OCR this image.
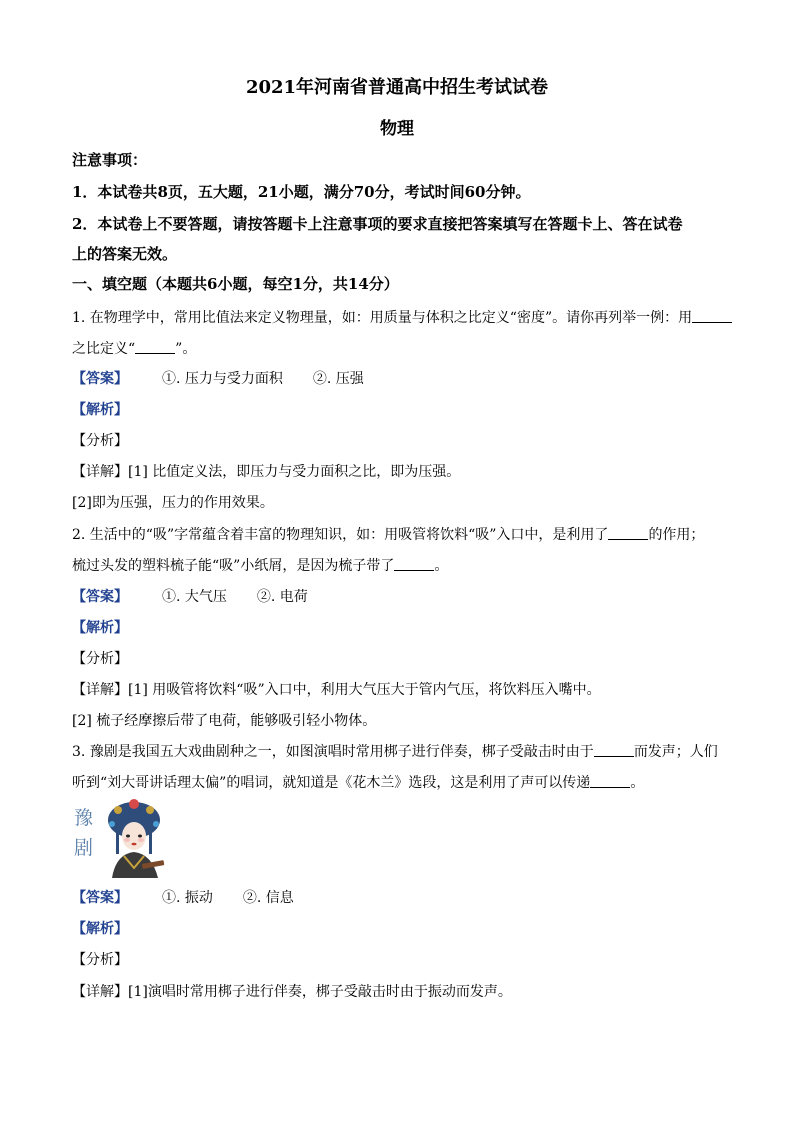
2021年河南省普通高中招生考试试卷
物理
注意事项：
1．本试卷共8页，五大题，21小题，满分70分，考试时间60分钟。
2．本试卷上不要答题，请按答题卡上注意事项的要求直接把答案填写在答题卡上、答在试卷
上的答案无效。
一、填空题（本题共6小题，每空1分，共14分）
1. 在物理学中，常用比值法来定义物理量，如：用质量与体积之比定义“密度”。请你再列举一例：用
之比定义“	”。
【答案】 ①. 压力与受力面积 ②. 压强
【解析】
【分析】
【详解】[1] 比值定义法，即压力与受力面积之比，即为压强。
[2]即为压强，压力的作用效果。
2. 生活中的“吸”字常蕴含着丰富的物理知识，如：用吸管将饮料“吸”入口中，是利用了	的作用；
梳过头发的塑料梳子能“吸”小纸屑，是因为梳子带了	。
【答案】 ①. 大气压 ②. 电荷
【解析】
【分析】
【详解】[1] 用吸管将饮料“吸”入口中，利用大气压大于管内气压，将饮料压入嘴中。
[2] 梳子经摩擦后带了电荷，能够吸引轻小物体。
3. 豫剧是我国五大戏曲剧种之一，如图演唱时常用梆子进行伴奏，梆子受敲击时由于	而发声；人们
听到“刘大哥讲话理太偏”的唱词，就知道是《花木兰》选段，这是利用了声可以传递	。
豫
剧
【答案】 ①. 振动 ②. 信息
【解析】
【分析】
【详解】[1]演唱时常用梆子进行伴奏，梆子受敲击时由于振动而发声。
